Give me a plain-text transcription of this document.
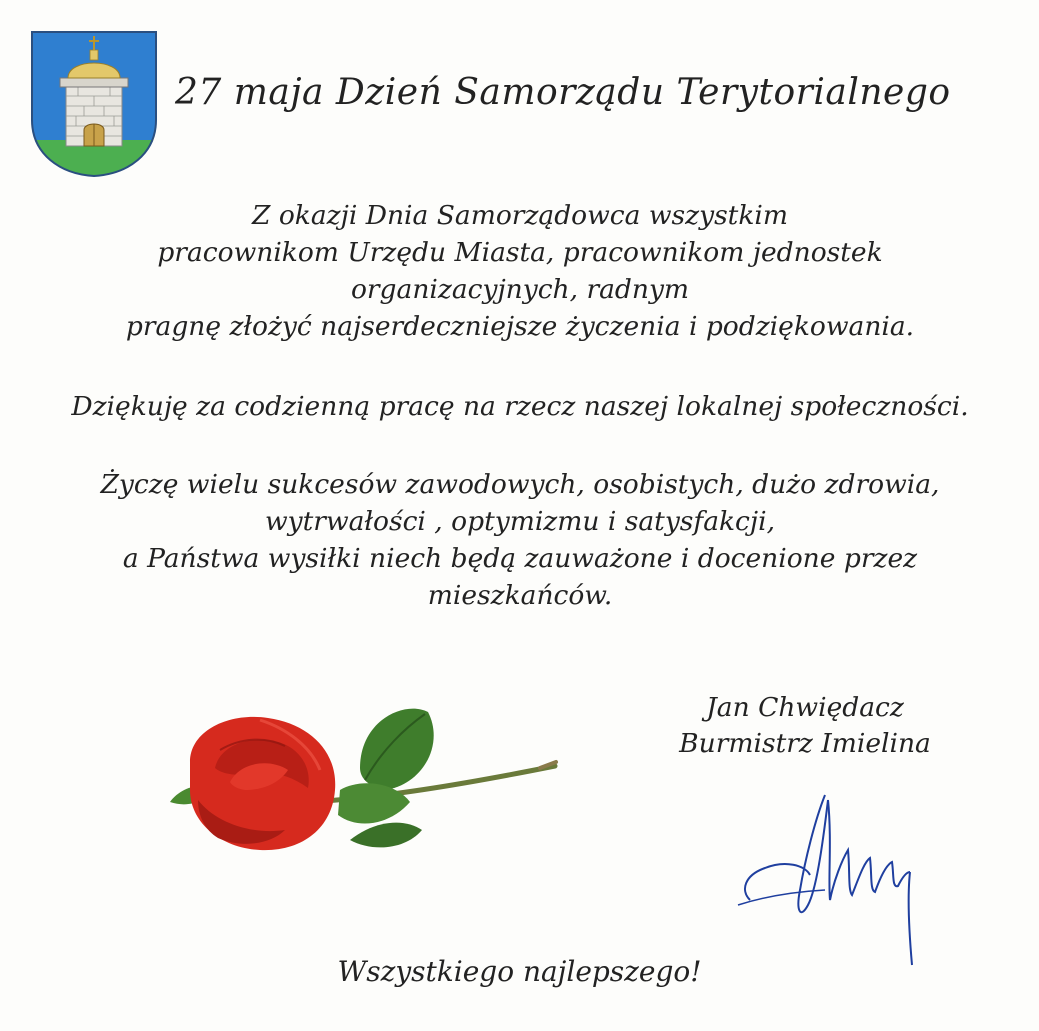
27 maja Dzień Samorządu Terytorialnego
Z okazji Dnia Samorządowca wszystkim
pracownikom Urzędu Miasta, pracownikom jednostek
organizacyjnych, radnym
pragnę złożyć najserdeczniejsze życzenia i podziękowania.
Dziękuję za codzienną pracę na rzecz naszej lokalnej społeczności.
Życzę wielu sukcesów zawodowych, osobistych, dużo zdrowia,
wytrwałości , optymizmu i satysfakcji,
a Państwa wysiłki niech będą zauważone i docenione przez
mieszkańców.
Jan Chwiędacz
Burmistrz Imielina
Wszystkiego najlepszego!
